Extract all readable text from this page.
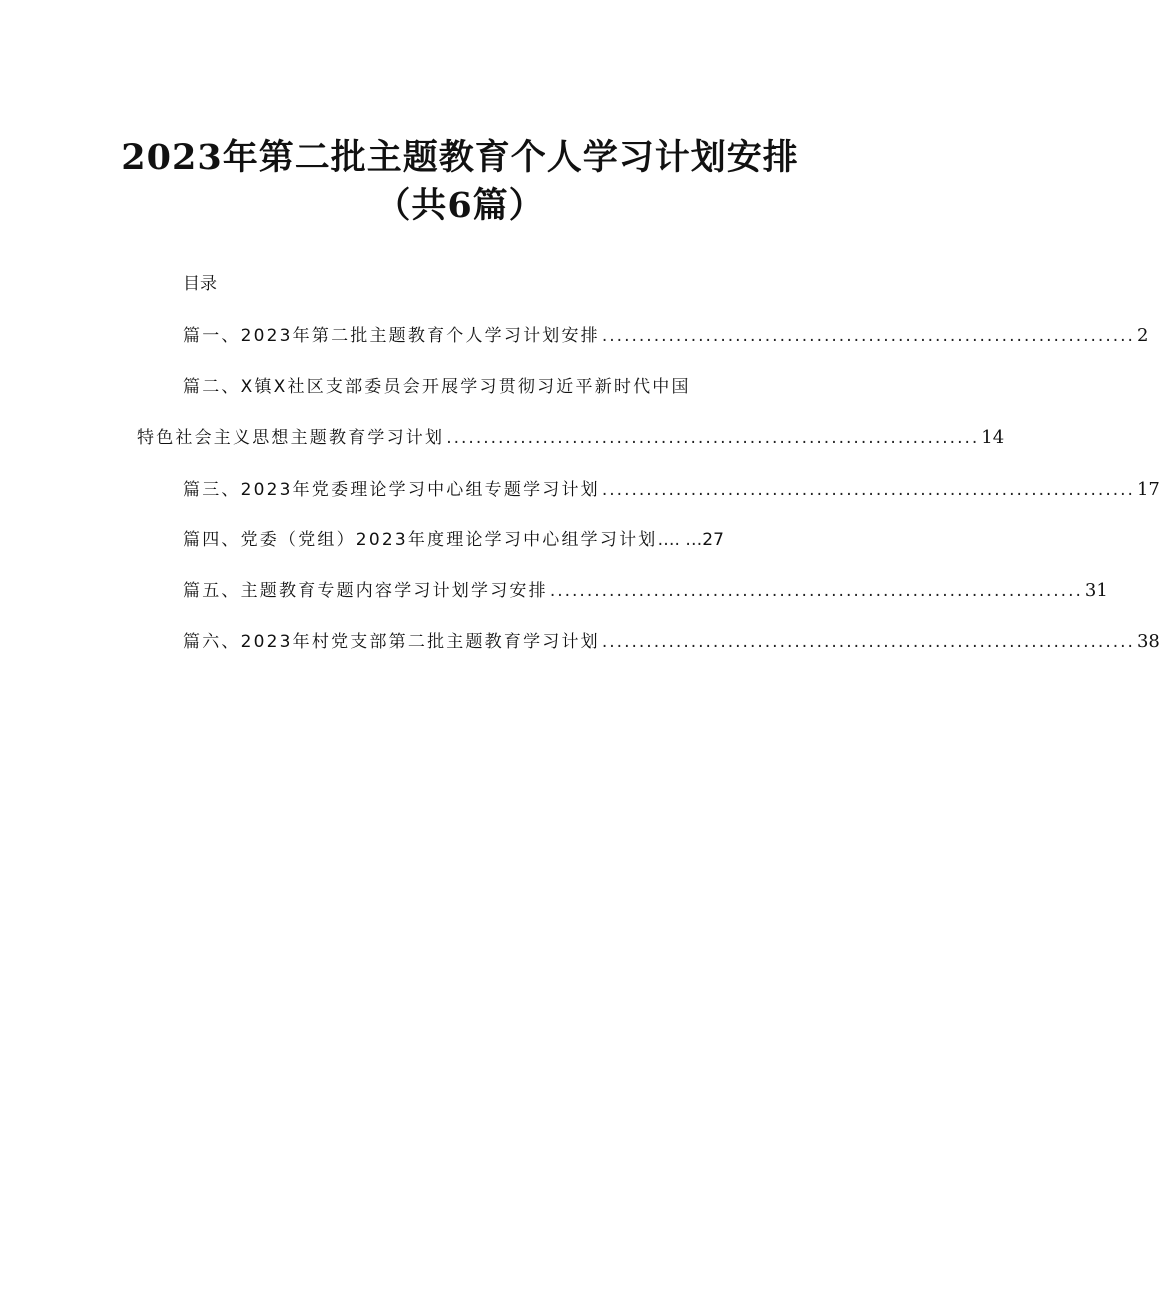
2023年第二批主题教育个人学习计划安排
（共6篇）

目录

篇一、2023年第二批主题教育个人学习计划安排 ........................................................................ 2
篇二、X镇X社区支部委员会开展学习贯彻习近平新时代中国
特色社会主义思想主题教育学习计划 ........................................................................ 14
篇三、2023年党委理论学习中心组专题学习计划 ........................................................................ 17
篇四、党委（党组）2023年度理论学习中心组学习计划 …. … 27
篇五、主题教育专题内容学习计划学习安排 ........................................................................ 31
篇六、2023年村党支部第二批主题教育学习计划 ........................................................................ 38
